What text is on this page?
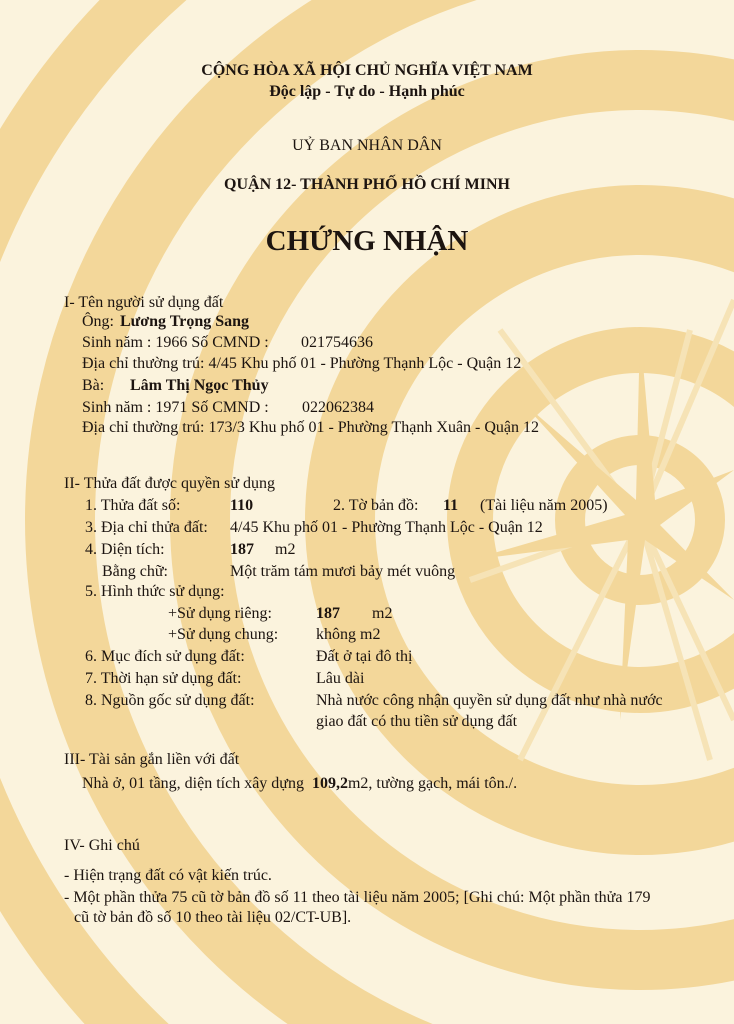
CỘNG HÒA XÃ HỘI CHỦ NGHĨA VIỆT NAM
Độc lập - Tự do - Hạnh phúc
UỶ BAN NHÂN DÂN
QUẬN 12- THÀNH PHỐ HỒ CHÍ MINH
CHỨNG NHẬN
I- Tên người sử dụng đất
Ông: Lương Trọng Sang
Sinh năm : 1966 Số CMND : 021754636
Địa chỉ thường trú: 4/45 Khu phố 01 - Phường Thạnh Lộc - Quận 12
Bà: Lâm Thị Ngọc Thủy
Sinh năm : 1971 Số CMND : 022062384
Địa chỉ thường trú: 173/3 Khu phố 01 - Phường Thạnh Xuân - Quận 12
II- Thửa đất được quyền sử dụng
1. Thửa đất số:	110	2. Tờ bản đồ: 11 (Tài liệu năm 2005)
3. Địa chỉ thửa đất: 4/45 Khu phố 01 - Phường Thạnh Lộc - Quận 12
4. Diện tích:	187 m2
Bằng chữ:	Một trăm tám mươi bảy mét vuông
5. Hình thức sử dụng:
+Sử dụng riêng:	187 m2
+Sử dụng chung: không m2
6. Mục đích sử dụng đất:	Đất ở tại đô thị
7. Thời hạn sử dụng đất:	Lâu dài
8. Nguồn gốc sử dụng đất:	Nhà nước công nhận quyền sử dụng đất như nhà nước
giao đất có thu tiền sử dụng đất
III- Tài sản gắn liền với đất
Nhà ở, 01 tầng, diện tích xây dựng 109,2m2, tường gạch, mái tôn./.
IV- Ghi chú
- Hiện trạng đất có vật kiến trúc.
- Một phần thửa 75 cũ tờ bản đồ số 11 theo tài liệu năm 2005; [Ghi chú: Một phần thửa 179
cũ tờ bản đồ số 10 theo tài liệu 02/CT-UB].
